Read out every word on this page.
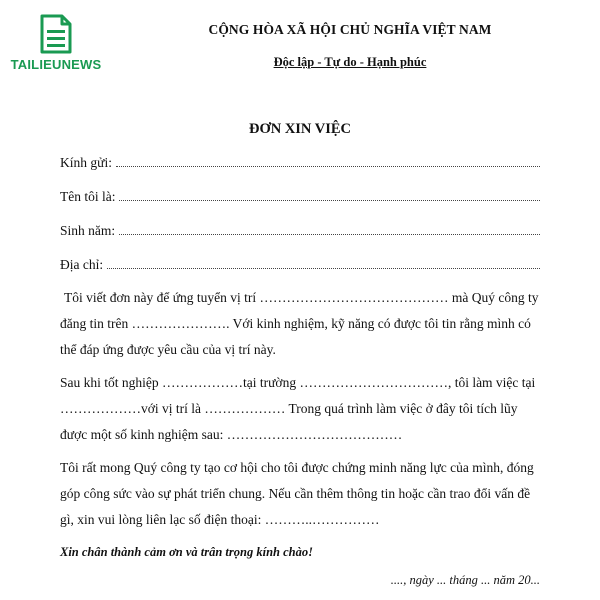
TAILIEUNEWS
CỘNG HÒA XÃ HỘI CHỦ NGHĨA VIỆT NAM
Độc lập - Tự do - Hạnh phúc
ĐƠN XIN VIỆC
Kính gửi:
Tên tôi là:
Sinh năm:
Địa chỉ:

Tôi viết đơn này để ứng tuyển vị trí …………………………………… mà Quý công ty đăng tin trên …………………. Với kinh nghiệm, kỹ năng có được tôi tin rằng mình có thể đáp ứng được yêu cầu của vị trí này.

Sau khi tốt nghiệp ………………tại trường ……………………………, tôi làm việc tại ………………với vị trí là ……………… Trong quá trình làm việc ở đây tôi tích lũy được một số kinh nghiệm sau: …………………………………

Tôi rất mong Quý công ty tạo cơ hội cho tôi được chứng minh năng lực của mình, đóng góp công sức vào sự phát triển chung. Nếu cần thêm thông tin hoặc cần trao đổi vấn đề gì, xin vui lòng liên lạc số điện thoại: ………..……………

Xin chân thành cảm ơn và trân trọng kính chào!
...., ngày ... tháng ... năm 20...
